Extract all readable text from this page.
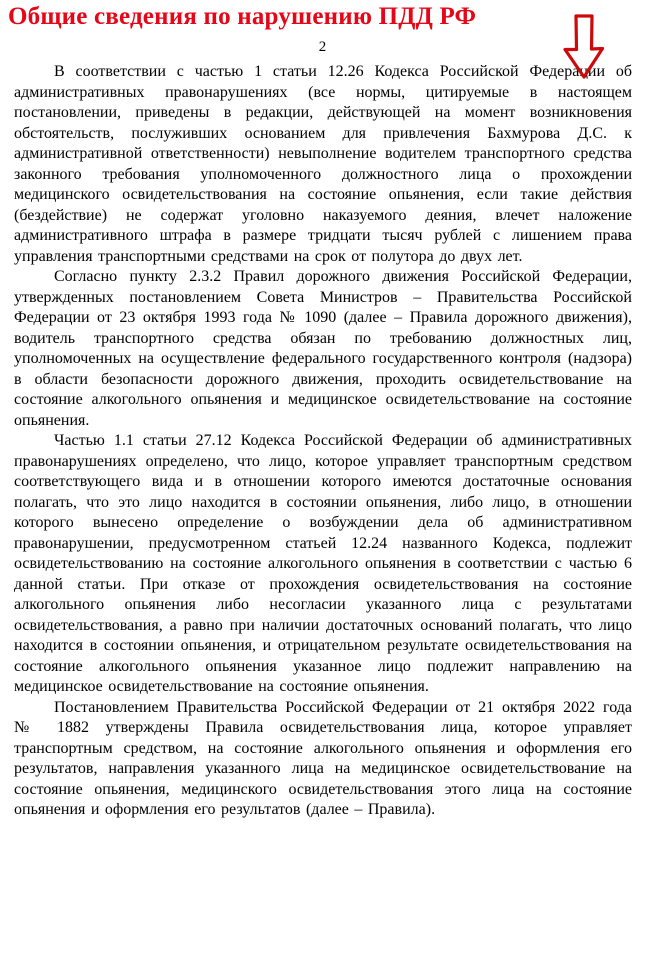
Общие сведения по нарушению ПДД РФ
2

В соответствии с частью 1 статьи 12.26 Кодекса Российской Федерации об административных правонарушениях (все нормы, цитируемые в настоящем постановлении, приведены в редакции, действующей на момент возникновения обстоятельств, послуживших основанием для привлечения Бахмурова Д.С. к административной ответственности) невыполнение водителем транспортного средства законного требования уполномоченного должностного лица о прохождении медицинского освидетельствования на состояние опьянения, если такие действия (бездействие) не содержат уголовно наказуемого деяния, влечет наложение административного штрафа в размере тридцати тысяч рублей с лишением права управления транспортными средствами на срок от полутора до двух лет.

Согласно пункту 2.3.2 Правил дорожного движения Российской Федерации, утвержденных постановлением Совета Министров – Правительства Российской Федерации от 23 октября 1993 года № 1090 (далее – Правила дорожного движения), водитель транспортного средства обязан по требованию должностных лиц, уполномоченных на осуществление федерального государственного контроля (надзора) в области безопасности дорожного движения, проходить освидетельствование на состояние алкогольного опьянения и медицинское освидетельствование на состояние опьянения.

Частью 1.1 статьи 27.12 Кодекса Российской Федерации об административных правонарушениях определено, что лицо, которое управляет транспортным средством соответствующего вида и в отношении которого имеются достаточные основания полагать, что это лицо находится в состоянии опьянения, либо лицо, в отношении которого вынесено определение о возбуждении дела об административном правонарушении, предусмотренном статьей 12.24 названного Кодекса, подлежит освидетельствованию на состояние алкогольного опьянения в соответствии с частью 6 данной статьи. При отказе от прохождения освидетельствования на состояние алкогольного опьянения либо несогласии указанного лица с результатами освидетельствования, а равно при наличии достаточных оснований полагать, что лицо находится в состоянии опьянения, и отрицательном результате освидетельствования на состояние алкогольного опьянения указанное лицо подлежит направлению на медицинское освидетельствование на состояние опьянения.

Постановлением Правительства Российской Федерации от 21 октября 2022 года № 1882 утверждены Правила освидетельствования лица, которое управляет транспортным средством, на состояние алкогольного опьянения и оформления его результатов, направления указанного лица на медицинское освидетельствование на состояние опьянения, медицинского освидетельствования этого лица на состояние опьянения и оформления его результатов (далее – Правила).
